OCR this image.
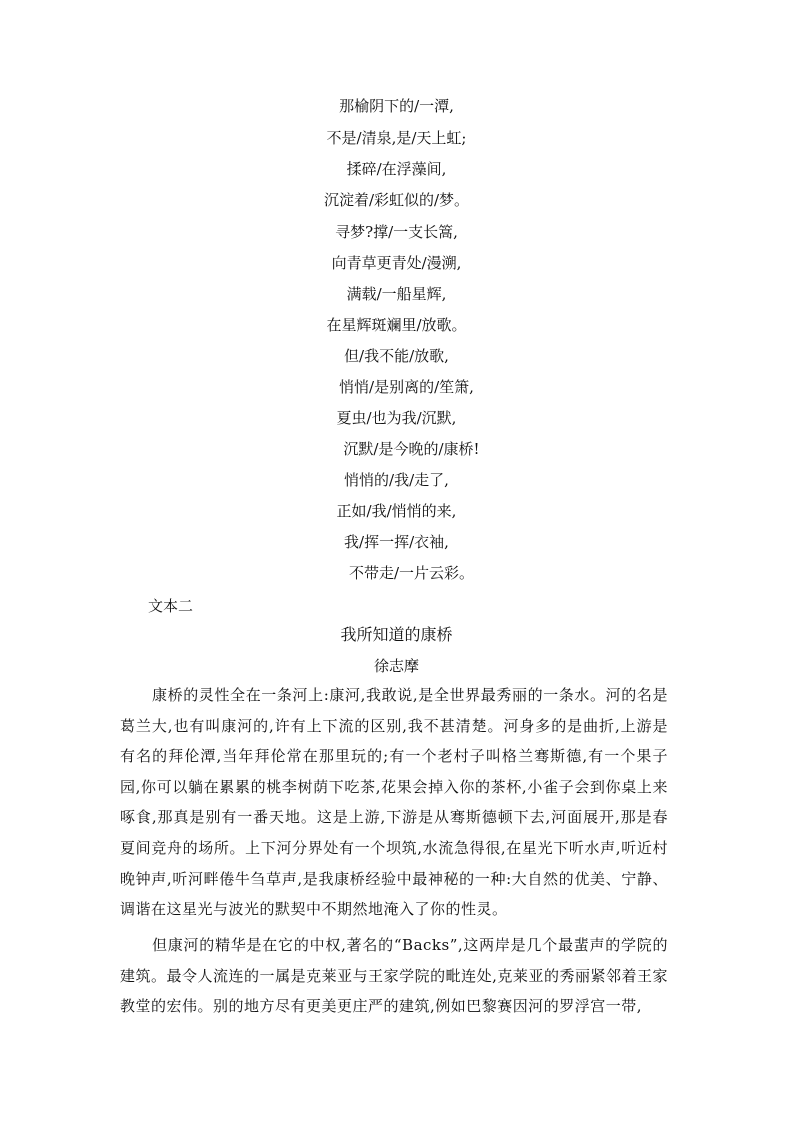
那榆阴下的/一潭,
不是/清泉,是/天上虹;
揉碎/在浮藻间,
沉淀着/彩虹似的/梦。
寻梦?撑/一支长篙,
向青草更青处/漫溯,
满载/一船星辉,
在星辉斑斓里/放歌。
但/我不能/放歌,
悄悄/是别离的/笙箫,
夏虫/也为我/沉默,
沉默/是今晚的/康桥!
悄悄的/我/走了,
正如/我/悄悄的来,
我/挥一挥/衣袖,
不带走/一片云彩。
文本二
我所知道的康桥
徐志摩
康桥的灵性全在一条河上:康河,我敢说,是全世界最秀丽的一条水。河的名是葛兰大,也有叫康河的,许有上下流的区别,我不甚清楚。河身多的是曲折,上游是有名的拜伦潭,当年拜伦常在那里玩的;有一个老村子叫格兰骞斯德,有一个果子园,你可以躺在累累的桃李树荫下吃茶,花果会掉入你的茶杯,小雀子会到你桌上来啄食,那真是别有一番天地。这是上游,下游是从骞斯德顿下去,河面展开,那是春夏间竞舟的场所。上下河分界处有一个坝筑,水流急得很,在星光下听水声,听近村晚钟声,听河畔倦牛刍草声,是我康桥经验中最神秘的一种:大自然的优美、宁静、调谐在这星光与波光的默契中不期然地淹入了你的性灵。
但康河的精华是在它的中权,著名的“Backs”,这两岸是几个最蜚声的学院的建筑。最令人流连的一属是克莱亚与王家学院的毗连处,克莱亚的秀丽紧邻着王家教堂的宏伟。别的地方尽有更美更庄严的建筑,例如巴黎赛因河的罗浮宫一带,
